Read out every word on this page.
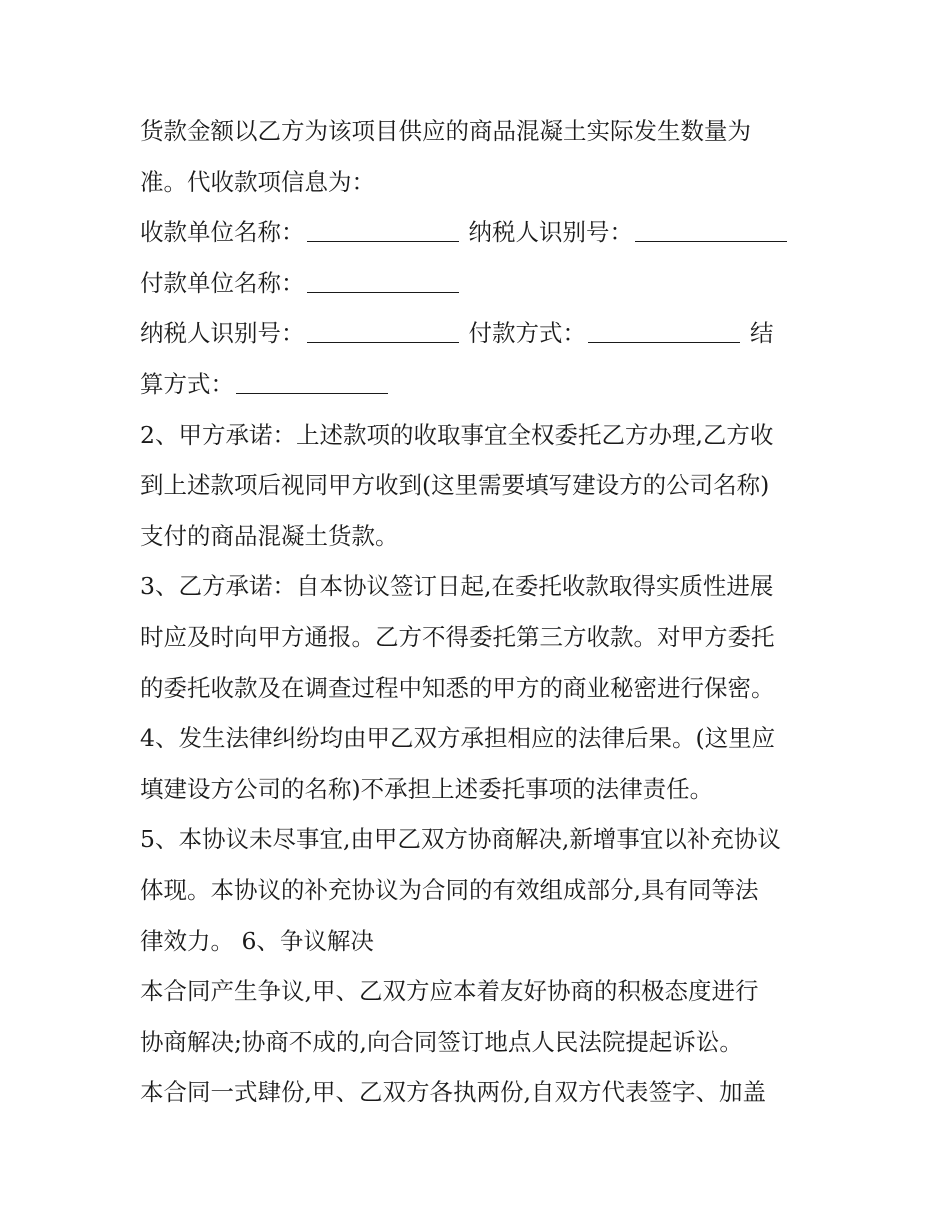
货款金额以乙方为该项目供应的商品混凝土实际发生数量为
准。代收款项信息为：
收款单位名称：	纳税人识别号：
付款单位名称：
纳税人识别号：	付款方式：	结
算方式：
2、甲方承诺：上述款项的收取事宜全权委托乙方办理,乙方收
到上述款项后视同甲方收到(这里需要填写建设方的公司名称)
支付的商品混凝土货款。
3、乙方承诺：自本协议签订日起,在委托收款取得实质性进展
时应及时向甲方通报。乙方不得委托第三方收款。对甲方委托
的委托收款及在调查过程中知悉的甲方的商业秘密进行保密。
4、发生法律纠纷均由甲乙双方承担相应的法律后果。(这里应
填建设方公司的名称)不承担上述委托事项的法律责任。
5、本协议未尽事宜,由甲乙双方协商解决,新增事宜以补充协议
体现。本协议的补充协议为合同的有效组成部分,具有同等法
律效力。 6、争议解决
本合同产生争议,甲、乙双方应本着友好协商的积极态度进行
协商解决;协商不成的,向合同签订地点人民法院提起诉讼。
本合同一式肆份,甲、乙双方各执两份,自双方代表签字、加盖
